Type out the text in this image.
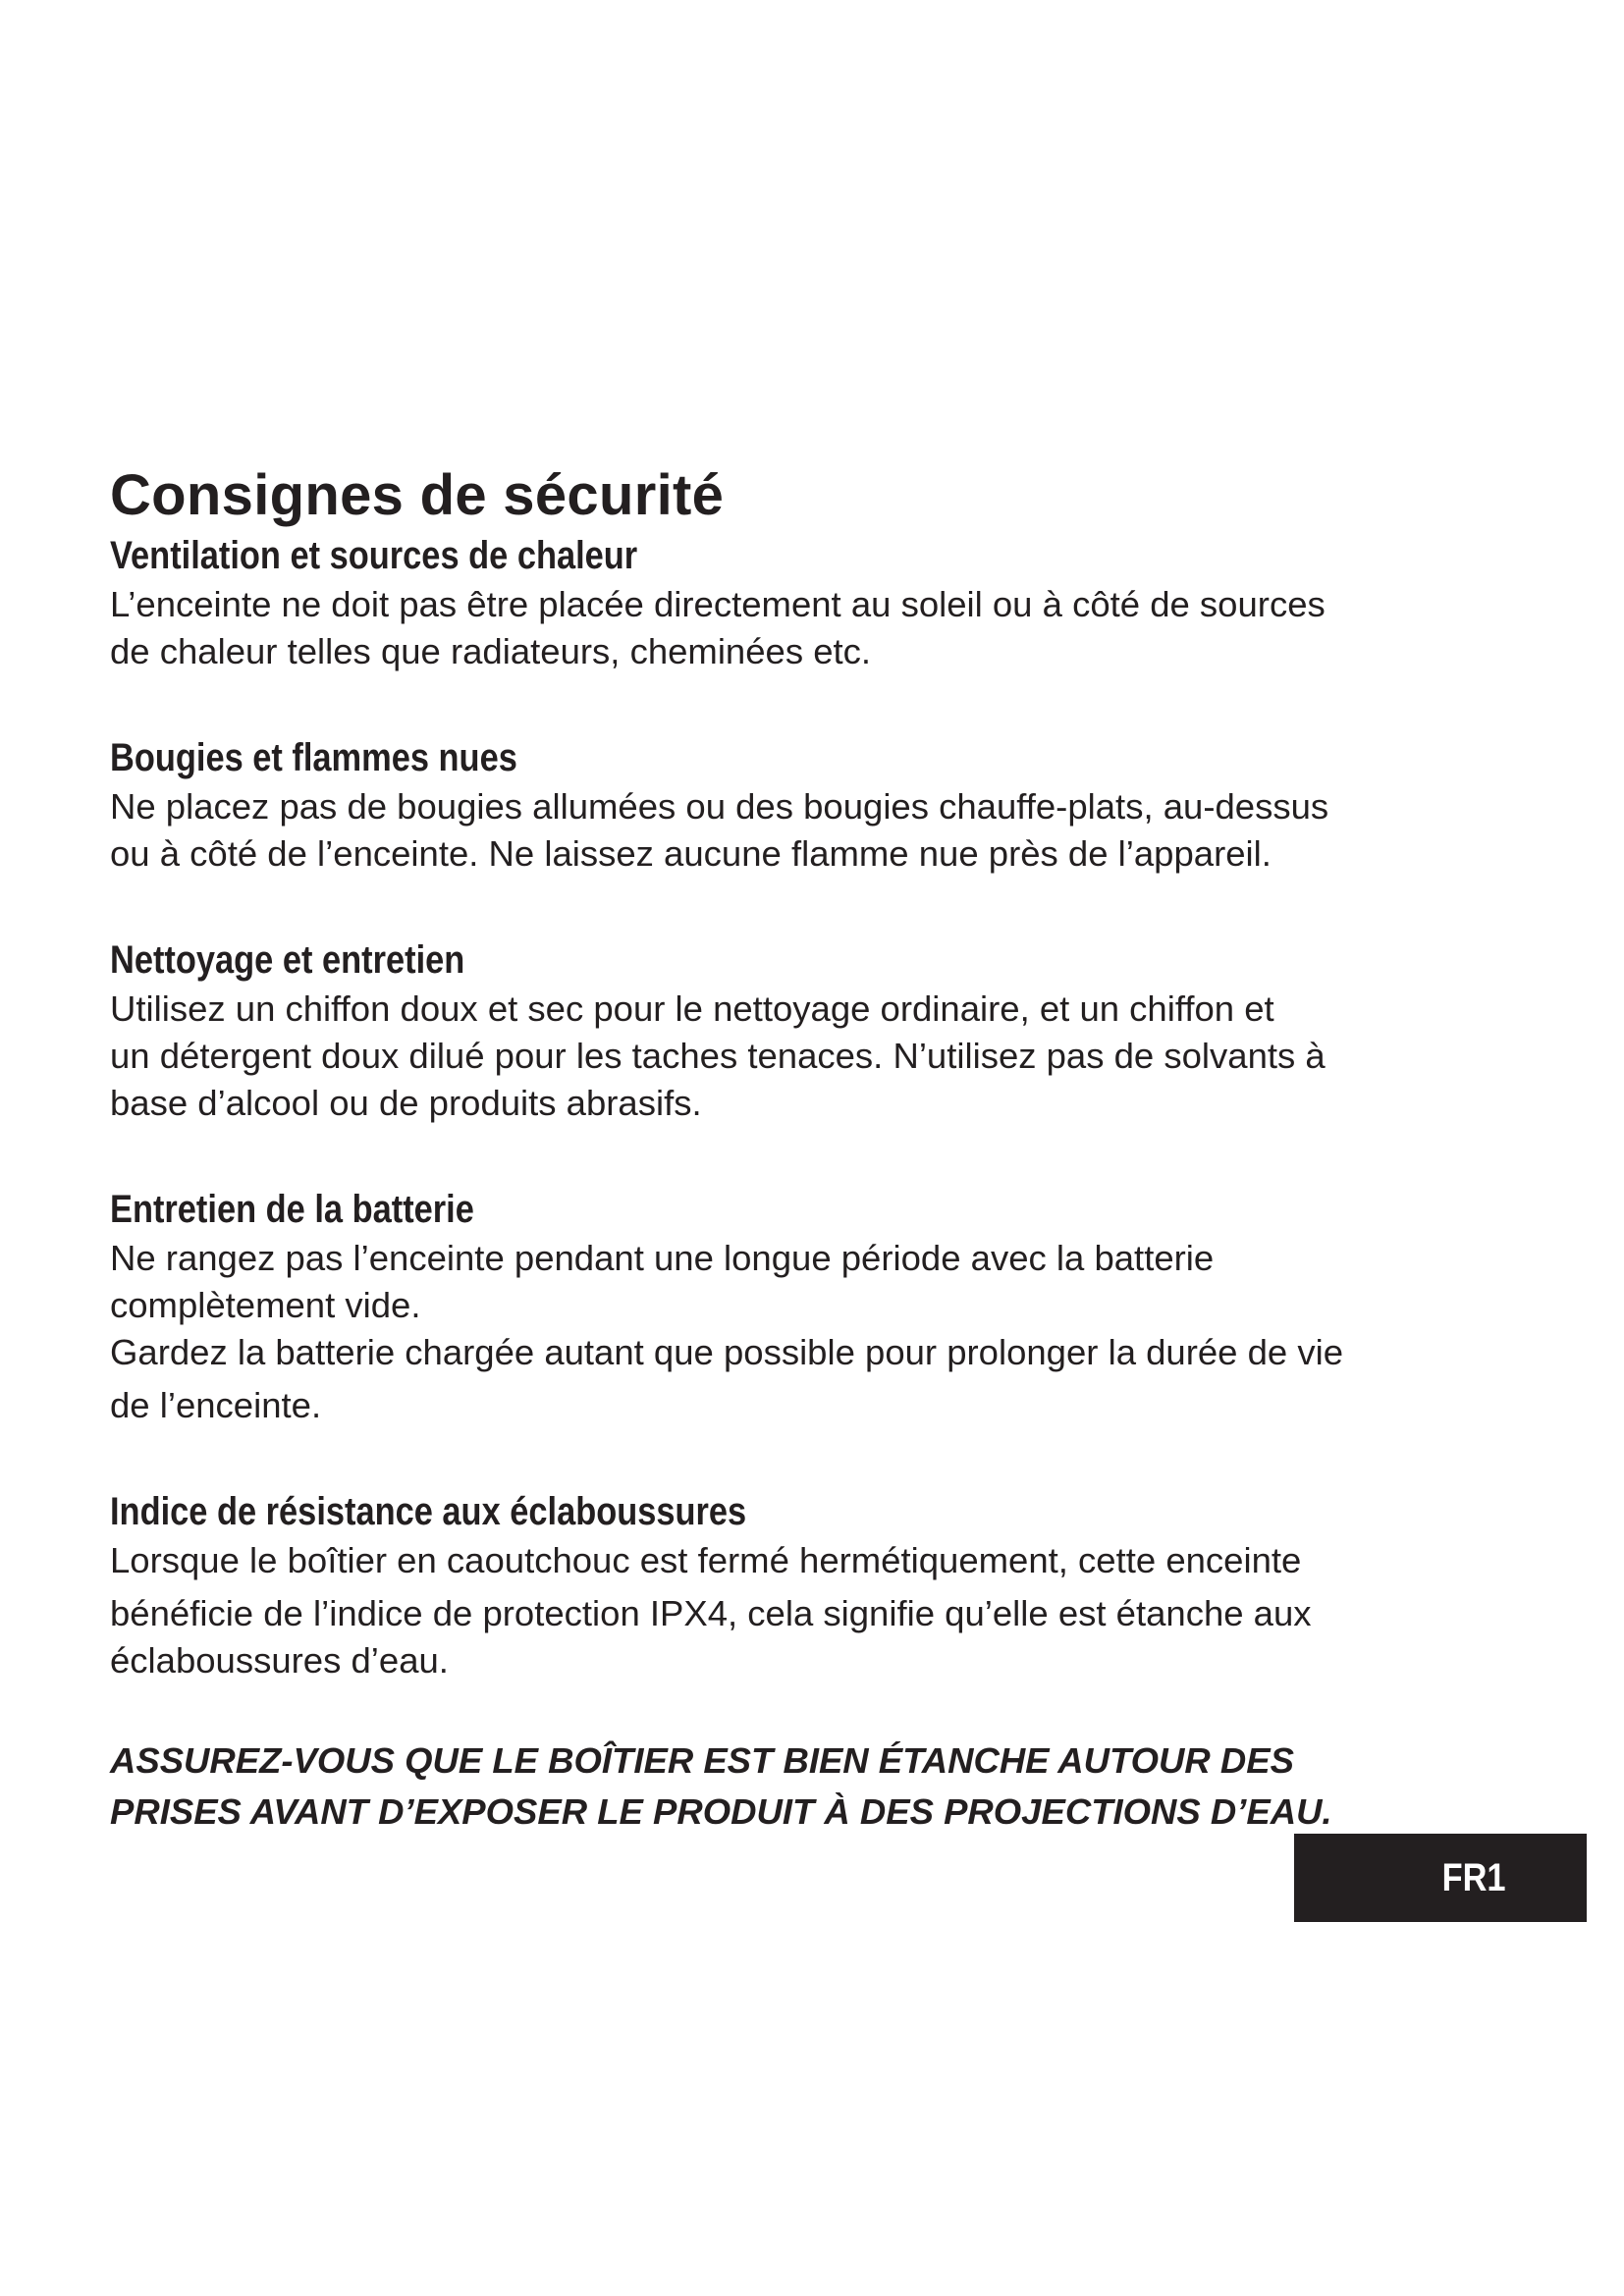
Consignes de sécurité
Ventilation et sources de chaleur

L’enceinte ne doit pas être placée directement au soleil ou à côté de sources
de chaleur telles que radiateurs, cheminées etc.

Bougies et flammes nues

Ne placez pas de bougies allumées ou des bougies chauffe-plats, au-dessus
ou à côté de l’enceinte. Ne laissez aucune flamme nue près de l’appareil.

Nettoyage et entretien

Utilisez un chiffon doux et sec pour le nettoyage ordinaire, et un chiffon et
un détergent doux dilué pour les taches tenaces. N’utilisez pas de solvants à
base d’alcool ou de produits abrasifs.

Entretien de la batterie

Ne rangez pas l’enceinte pendant une longue période avec la batterie
complètement vide.
Gardez la batterie chargée autant que possible pour prolonger la durée de vie
de l’enceinte.

Indice de résistance aux éclaboussures

Lorsque le boîtier en caoutchouc est fermé hermétiquement, cette enceinte
bénéficie de l’indice de protection IPX4, cela signifie qu’elle est étanche aux
éclaboussures d’eau.

ASSUREZ-VOUS QUE LE BOÎTIER EST BIEN ÉTANCHE AUTOUR DES
PRISES AVANT D’EXPOSER LE PRODUIT À DES PROJECTIONS D’EAU.

FR1
